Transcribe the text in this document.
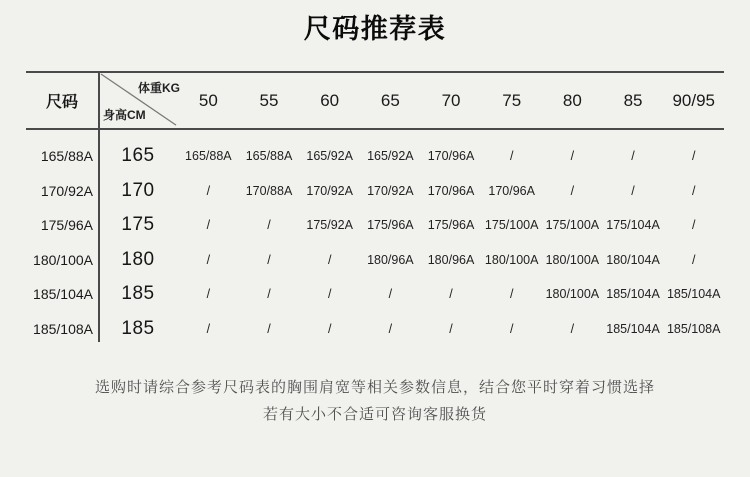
尺码推荐表
尺码
体重KG
身高CM
50	55	60	65	70	75	80	85	90/95
165/88A	165	165/88A	165/88A	165/92A	165/92A	170/96A	/	/	/	/
170/92A	170	/	170/88A	170/92A	170/92A	170/96A	170/96A	/	/	/
175/96A	175	/	/	175/92A	175/96A	175/96A 175/100A 175/100A 175/104A	/
180/100A	180	/	/	/	180/96A	180/96A 180/100A 180/100A 180/104A	/
185/104A	185	/	/	/	/	/	/	180/100A 185/104A 185/104A
185/108A	185	/	/	/	/	/	/	/	185/104A 185/108A

选购时请综合参考尺码表的胸围肩宽等相关参数信息，结合您平时穿着习惯选择

若有大小不合适可咨询客服换货
